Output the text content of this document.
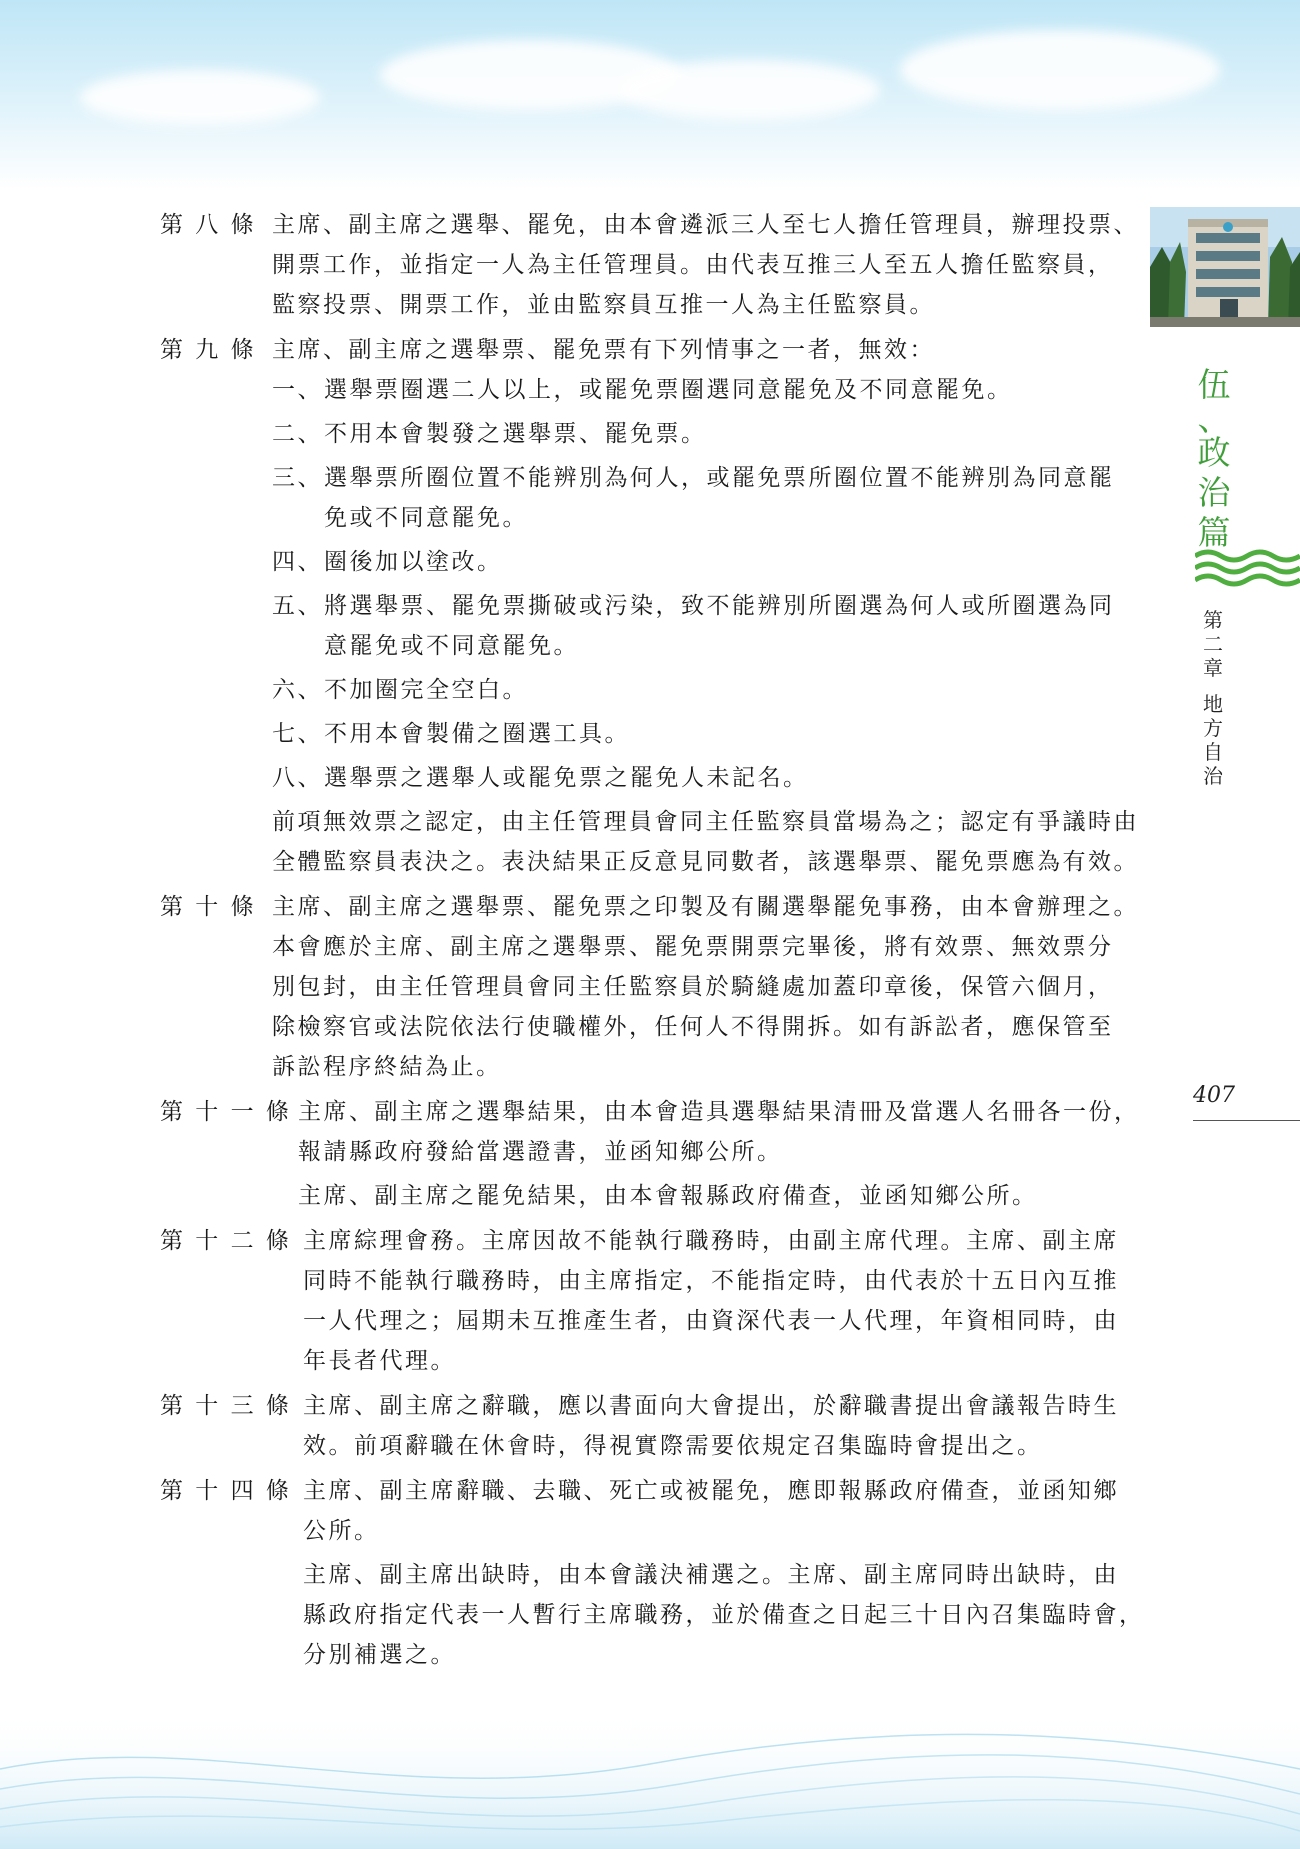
伍
、
政
治
篇
第
二
章
地
方
自
治
407
第 八 條 主席、副主席之選舉、罷免，由本會遴派三人至七人擔任管理員，辦理投票、
開票工作，並指定一人為主任管理員。由代表互推三人至五人擔任監察員，
監察投票、開票工作，並由監察員互推一人為主任監察員。
第 九 條 主席、副主席之選舉票、罷免票有下列情事之一者，無效：
一、 選舉票圈選二人以上，或罷免票圈選同意罷免及不同意罷免。
二、 不用本會製發之選舉票、罷免票。
三、 選舉票所圈位置不能辨別為何人，或罷免票所圈位置不能辨別為同意罷
免或不同意罷免。
四、 圈後加以塗改。
五、 將選舉票、罷免票撕破或污染，致不能辨別所圈選為何人或所圈選為同
意罷免或不同意罷免。
六、 不加圈完全空白。
七、 不用本會製備之圈選工具。
八、 選舉票之選舉人或罷免票之罷免人未記名。
前項無效票之認定，由主任管理員會同主任監察員當場為之；認定有爭議時由
全體監察員表決之。表決結果正反意見同數者，該選舉票、罷免票應為有效。
第 十 條 主席、副主席之選舉票、罷免票之印製及有關選舉罷免事務，由本會辦理之。
本會應於主席、副主席之選舉票、罷免票開票完畢後，將有效票、無效票分
別包封，由主任管理員會同主任監察員於騎縫處加蓋印章後，保管六個月，
除檢察官或法院依法行使職權外，任何人不得開拆。如有訴訟者，應保管至
訴訟程序終結為止。
第 十 一 條 主席、副主席之選舉結果，由本會造具選舉結果清冊及當選人名冊各一份，
報請縣政府發給當選證書，並函知鄉公所。
主席、副主席之罷免結果，由本會報縣政府備查，並函知鄉公所。
第 十 二 條 主席綜理會務。主席因故不能執行職務時，由副主席代理。主席、副主席
同時不能執行職務時，由主席指定，不能指定時，由代表於十五日內互推
一人代理之；屆期未互推產生者，由資深代表一人代理，年資相同時，由
年長者代理。
第 十 三 條 主席、副主席之辭職，應以書面向大會提出，於辭職書提出會議報告時生
效。前項辭職在休會時，得視實際需要依規定召集臨時會提出之。
第 十 四 條 主席、副主席辭職、去職、死亡或被罷免，應即報縣政府備查，並函知鄉
公所。
主席、副主席出缺時，由本會議決補選之。主席、副主席同時出缺時，由
縣政府指定代表一人暫行主席職務，並於備查之日起三十日內召集臨時會，
分別補選之。
